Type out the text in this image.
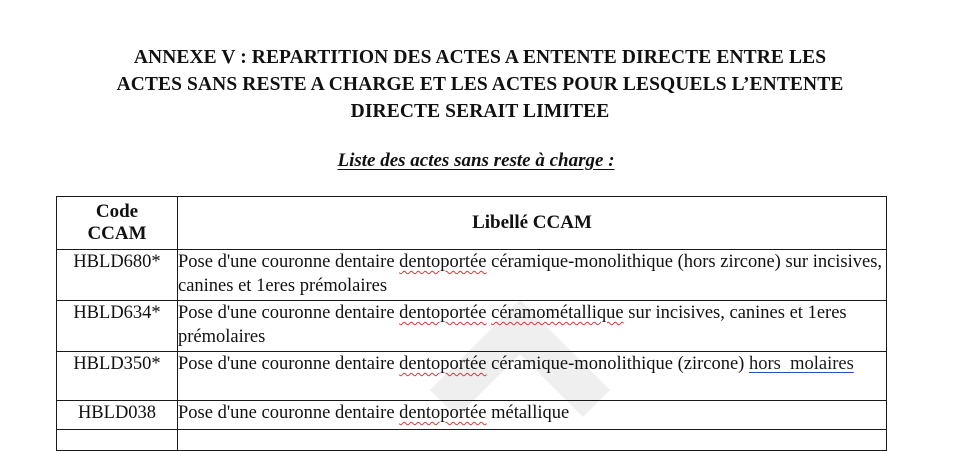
ANNEXE V : REPARTITION DES ACTES A ENTENTE DIRECTE ENTRE LES
ACTES SANS RESTE A CHARGE ET LES ACTES POUR LESQUELS L’ENTENTE
DIRECTE SERAIT LIMITEE
Liste des actes sans reste à charge :
Code
CCAM	Libellé CCAM
HBLD680*	Pose d'une couronne dentaire dentoportée céramique-monolithique (hors zircone) sur incisives, canines et 1eres prémolaires
HBLD634*	Pose d'une couronne dentaire dentoportée céramométallique sur incisives, canines et 1eres prémolaires
HBLD350*	Pose d'une couronne dentaire dentoportée céramique-monolithique (zircone) hors  molaires
HBLD038	Pose d'une couronne dentaire dentoportée métallique
